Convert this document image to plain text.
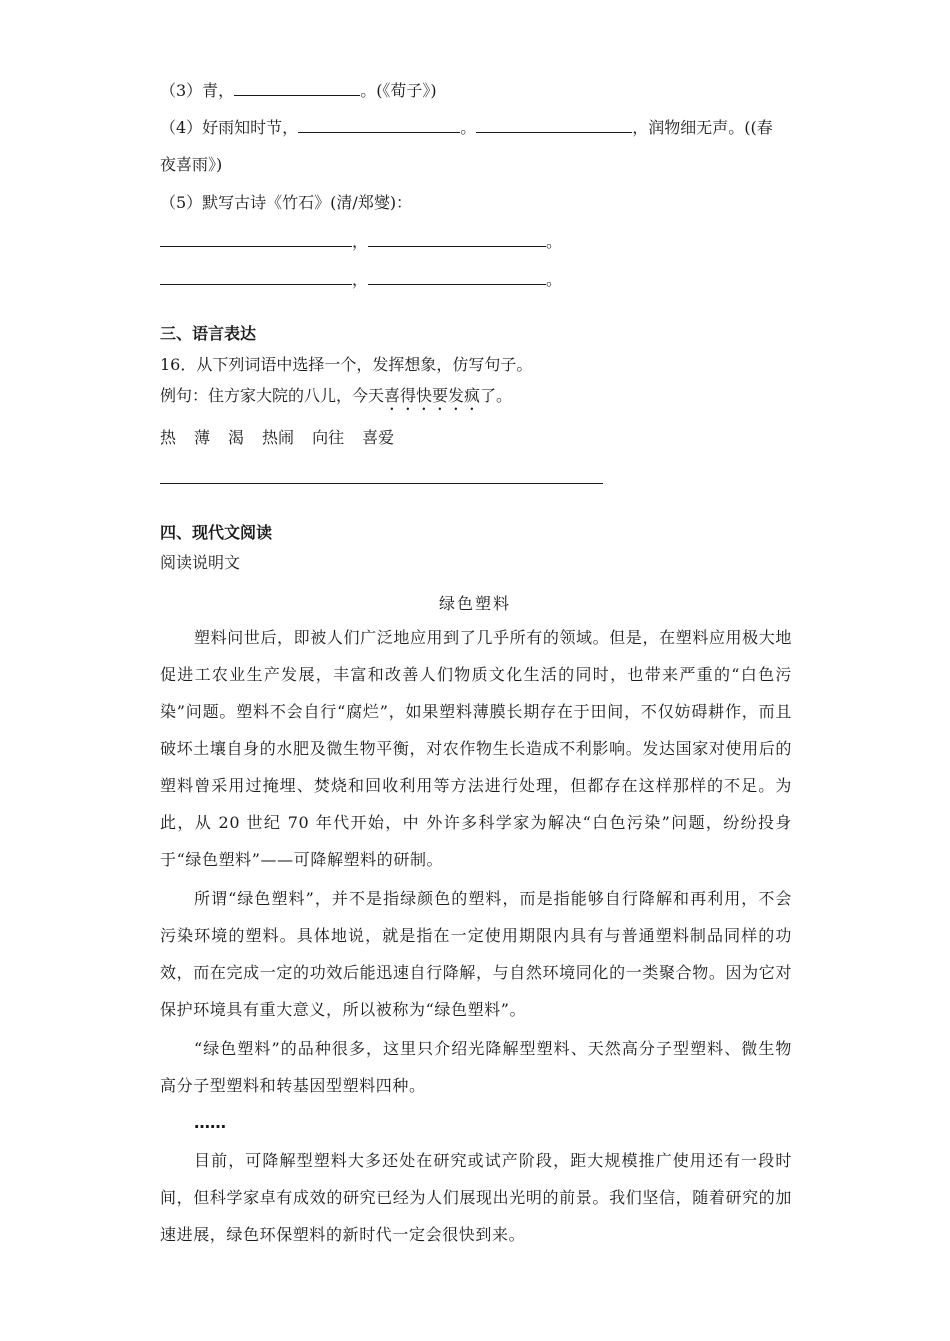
（3）青，	。(《荀子》)
（4）好雨知时节，	。	，润物细无声。((春
夜喜雨》)
（5）默写古诗《竹石》(清/郑燮)：
，	。
，	。
三、语言表达
16．从下列词语中选择一个，发挥想象，仿写句子。
例句：住方家大院的八儿，今天喜得快要发疯了。
热 薄 渴 热闹 向往 喜爱
四、现代文阅读
阅读说明文
绿色塑料
塑料问世后，即被人们广泛地应用到了几乎所有的领域。但是，在塑料应用极大地促进工农业生产发展，丰富和改善人们物质文化生活的同时，也带来严重的“白色污染”问题。塑料不会自行“腐烂”，如果塑料薄膜长期存在于田间，不仅妨碍耕作，而且破坏土壤自身的水肥及微生物平衡，对农作物生长造成不利影响。发达国家对使用后的塑料曾采用过掩埋、焚烧和回收利用等方法进行处理，但都存在这样那样的不足。为此，从 20 世纪 70 年代开始，中 外许多科学家为解决“白色污染”问题，纷纷投身于“绿色塑料”——可降解塑料的研制。
所谓“绿色塑料”，并不是指绿颜色的塑料，而是指能够自行降解和再利用，不会污染环境的塑料。具体地说，就是指在一定使用期限内具有与普通塑料制品同样的功效，而在完成一定的功效后能迅速自行降解，与自然环境同化的一类聚合物。因为它对保护环境具有重大意义，所以被称为“绿色塑料”。
“绿色塑料”的品种很多，这里只介绍光降解型塑料、天然高分子型塑料、微生物高分子型塑料和转基因型塑料四种。
……
目前，可降解型塑料大多还处在研究或试产阶段，距大规模推广使用还有一段时间，但科学家卓有成效的研究已经为人们展现出光明的前景。我们坚信，随着研究的加速进展，绿色环保塑料的新时代一定会很快到来。
